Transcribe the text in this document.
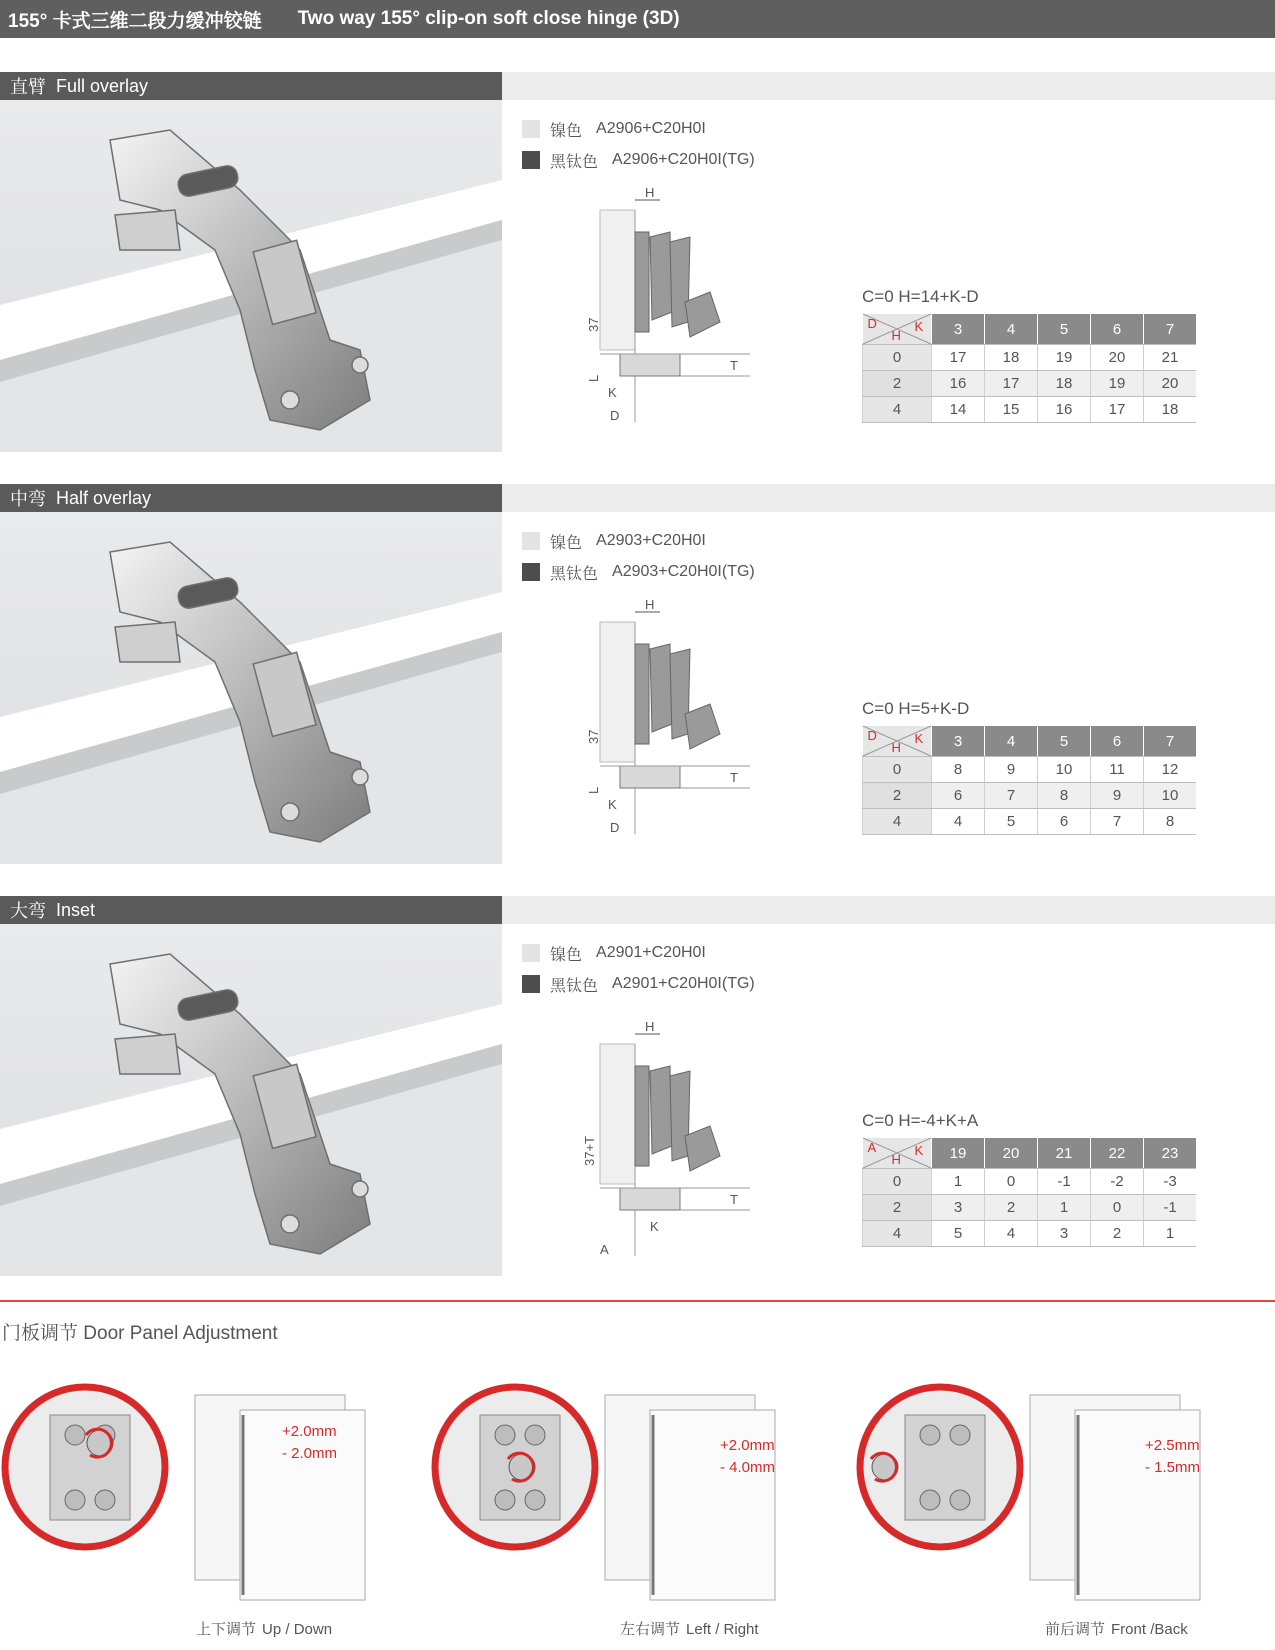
155° 卡式三维二段力缓冲铰链 Two way 155° clip-on soft close hinge (3D)
直臂 Full overlay
镍色 A2906+C20H0I
黑钛色 A2906+C20H0I(TG)
H
T
37
L
K
D
C=0 H=14+K-D
D
H
K	3	4	5	6	7
0	17	18	19	20	21
2	16	17	18	19	20
4	14	15	16	17	18
中弯 Half overlay
镍色 A2903+C20H0I
黑钛色 A2903+C20H0I(TG)
H
T
37
L
K
D
C=0 H=5+K-D
D
H
K	3	4	5	6	7
0	8	9	10	11	12
2	6	7	8	9	10
4	4	5	6	7	8
大弯 Inset
镍色 A2901+C20H0I
黑钛色 A2901+C20H0I(TG)
H
T
37+T
K
A
C=0 H=-4+K+A
A
H
K	19	20	21	22	23
0	1	0	-1	-2	-3
2	3	2	1	0	-1
4	5	4	3	2	1
门板调节 Door Panel Adjustment
+2.0mm
- 2.0mm
上下调节 Up / Down
+2.0mm
- 4.0mm
左右调节 Left / Right
+2.5mm
- 1.5mm
前后调节 Front /Back
